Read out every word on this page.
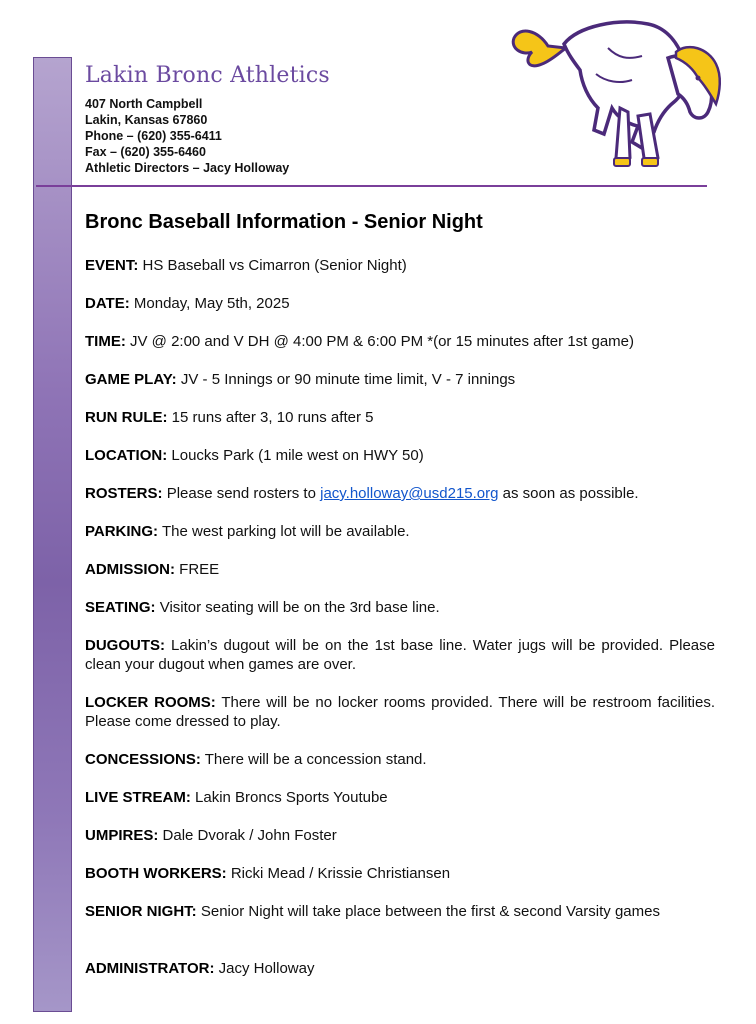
Lakin Bronc Athletics
407 North Campbell
Lakin, Kansas 67860
Phone – (620) 355-6411
Fax – (620) 355-6460
Athletic Directors – Jacy Holloway
Bronc Baseball Information - Senior Night
EVENT: HS Baseball vs Cimarron (Senior Night)
DATE: Monday, May 5th, 2025
TIME: JV @ 2:00 and V DH @ 4:00 PM & 6:00 PM *(or 15 minutes after 1st game)
GAME PLAY: JV - 5 Innings or 90 minute time limit, V - 7 innings
RUN RULE: 15 runs after 3, 10 runs after 5
LOCATION: Loucks Park (1 mile west on HWY 50)
ROSTERS: Please send rosters to jacy.holloway@usd215.org as soon as possible.
PARKING: The west parking lot will be available.
ADMISSION: FREE
SEATING: Visitor seating will be on the 3rd base line.
DUGOUTS: Lakin’s dugout will be on the 1st base line. Water jugs will be provided. Please clean your dugout when games are over.
LOCKER ROOMS: There will be no locker rooms provided. There will be restroom facilities. Please come dressed to play.
CONCESSIONS: There will be a concession stand.
LIVE STREAM: Lakin Broncs Sports Youtube
UMPIRES: Dale Dvorak / John Foster
BOOTH WORKERS: Ricki Mead / Krissie Christiansen
SENIOR NIGHT: Senior Night will take place between the first & second Varsity games
ADMINISTRATOR: Jacy Holloway
